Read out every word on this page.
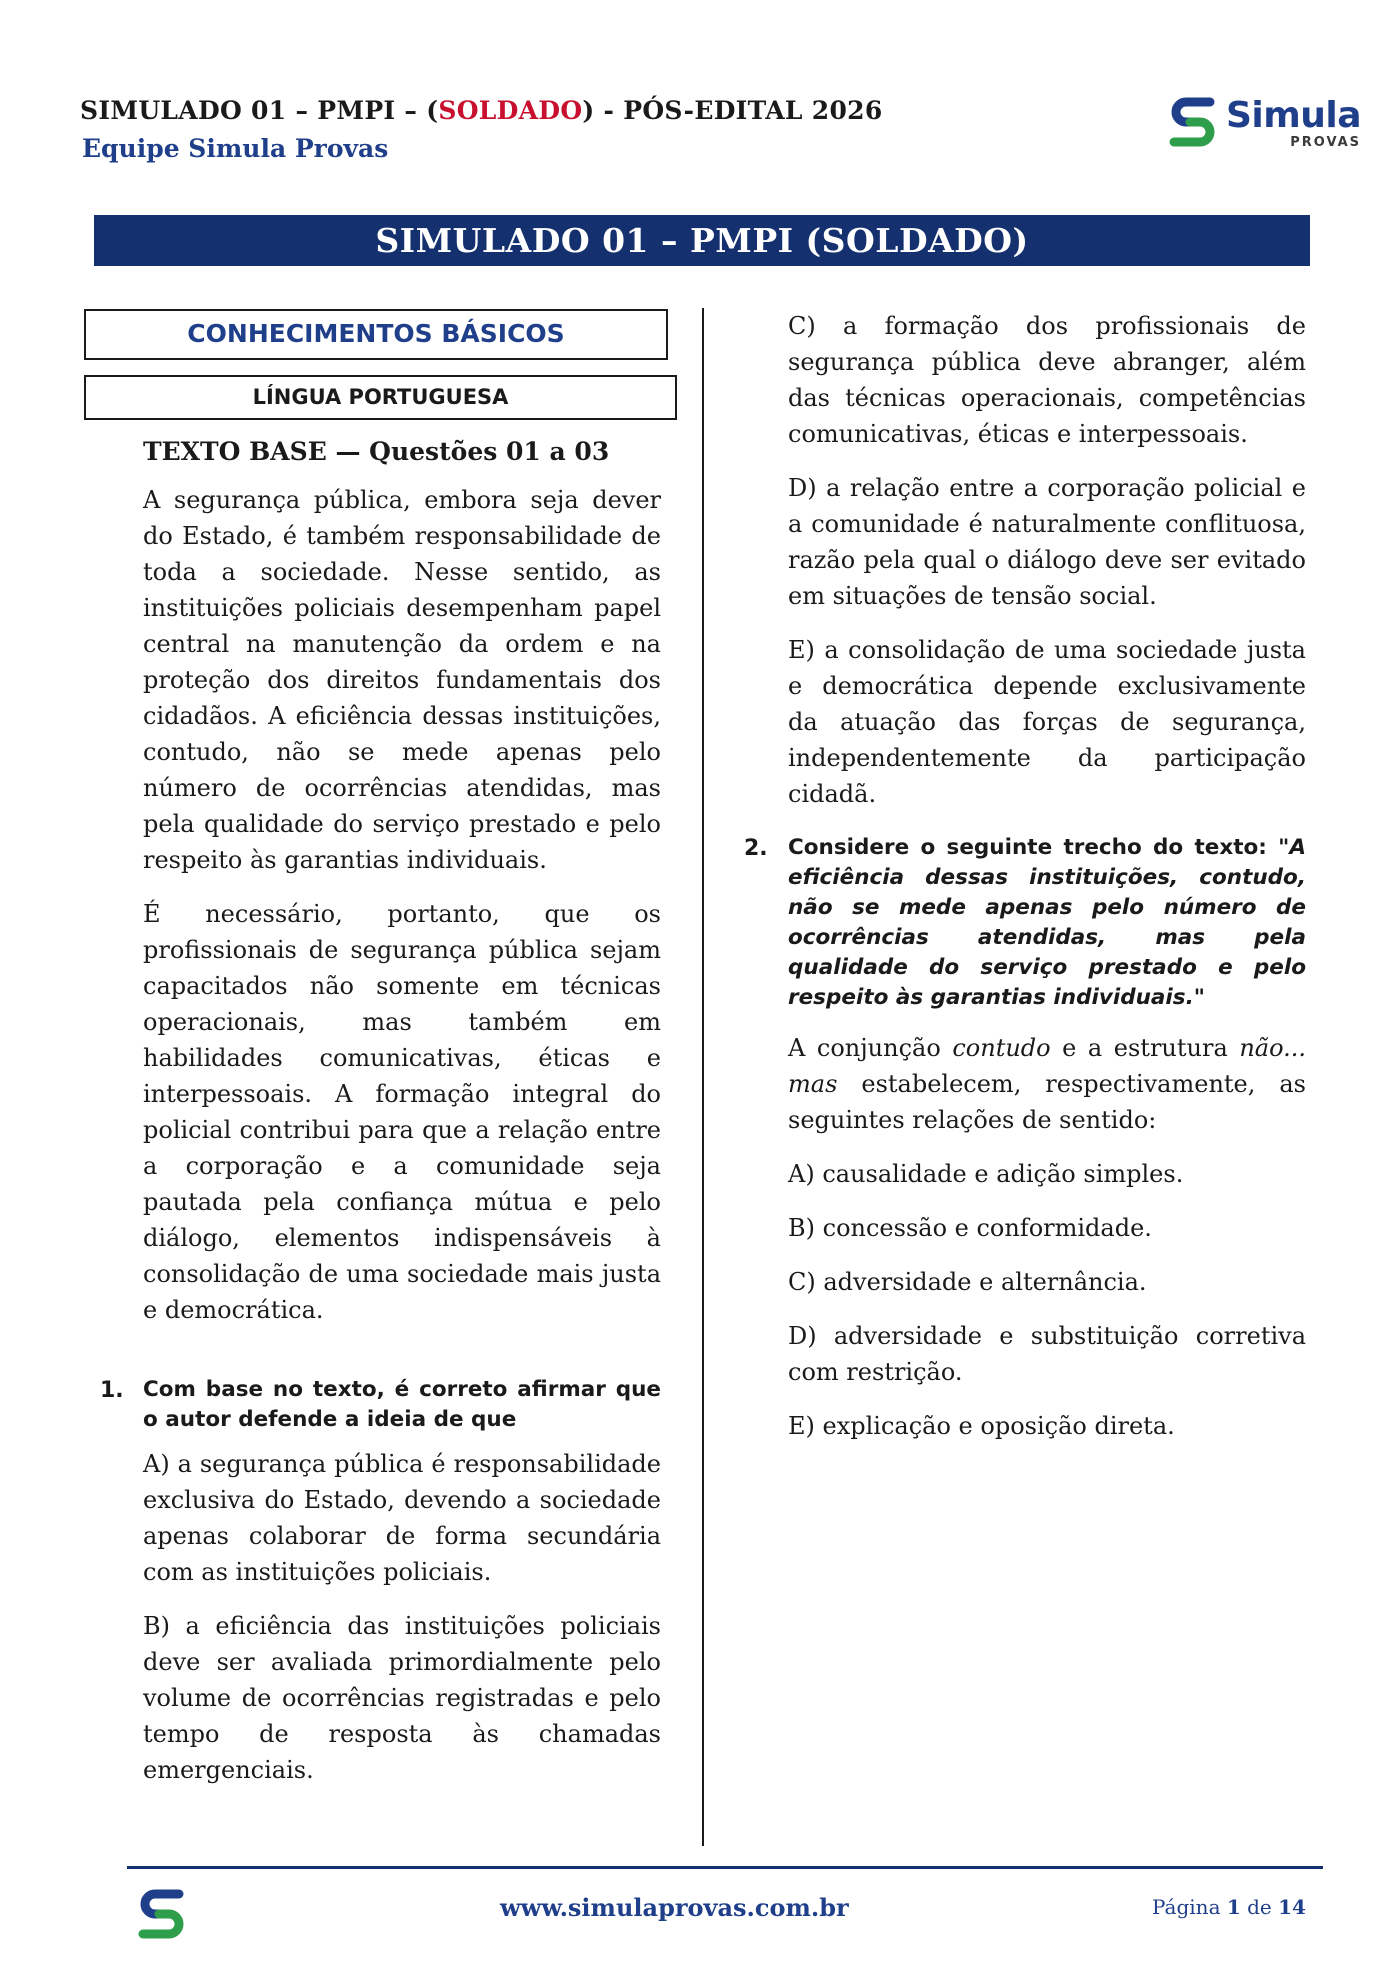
SIMULADO 01 – PMPI – (SOLDADO) - PÓS-EDITAL 2026
Equipe Simula Provas
Simula
PROVAS
SIMULADO 01 – PMPI (SOLDADO)
CONHECIMENTOS BÁSICOS
LÍNGUA PORTUGUESA
TEXTO BASE — Questões 01 a 03
A segurança pública, embora seja dever do Estado, é também responsabilidade de toda a sociedade. Nesse sentido, as instituições policiais desempenham papel central na manutenção da ordem e na proteção dos direitos fundamentais dos cidadãos. A eficiência dessas instituições, contudo, não se mede apenas pelo número de ocorrências atendidas, mas pela qualidade do serviço prestado e pelo respeito às garantias individuais.
É necessário, portanto, que os profissionais de segurança pública sejam capacitados não somente em técnicas operacionais, mas também em habilidades comunicativas, éticas e interpessoais. A formação integral do policial contribui para que a relação entre a corporação e a comunidade seja pautada pela confiança mútua e pelo diálogo, elementos indispensáveis à consolidação de uma sociedade mais justa e democrática.
1. Com base no texto, é correto afirmar que o autor defende a ideia de que
A) a segurança pública é responsabilidade exclusiva do Estado, devendo a sociedade apenas colaborar de forma secundária com as instituições policiais.
B) a eficiência das instituições policiais deve ser avaliada primordialmente pelo volume de ocorrências registradas e pelo tempo de resposta às chamadas emergenciais.
C) a formação dos profissionais de segurança pública deve abranger, além das técnicas operacionais, competências comunicativas, éticas e interpessoais.
D) a relação entre a corporação policial e a comunidade é naturalmente conflituosa, razão pela qual o diálogo deve ser evitado em situações de tensão social.
E) a consolidação de uma sociedade justa e democrática depende exclusivamente da atuação das forças de segurança, independentemente da participação cidadã.
2. Considere o seguinte trecho do texto: "A eficiência dessas instituições, contudo, não se mede apenas pelo número de ocorrências atendidas, mas pela qualidade do serviço prestado e pelo respeito às garantias individuais."
A conjunção contudo e a estrutura não... mas estabelecem, respectivamente, as seguintes relações de sentido:
A) causalidade e adição simples.
B) concessão e conformidade.
C) adversidade e alternância.
D) adversidade e substituição corretiva com restrição.
E) explicação e oposição direta.
www.simulaprovas.com.br	Página 1 de 14
